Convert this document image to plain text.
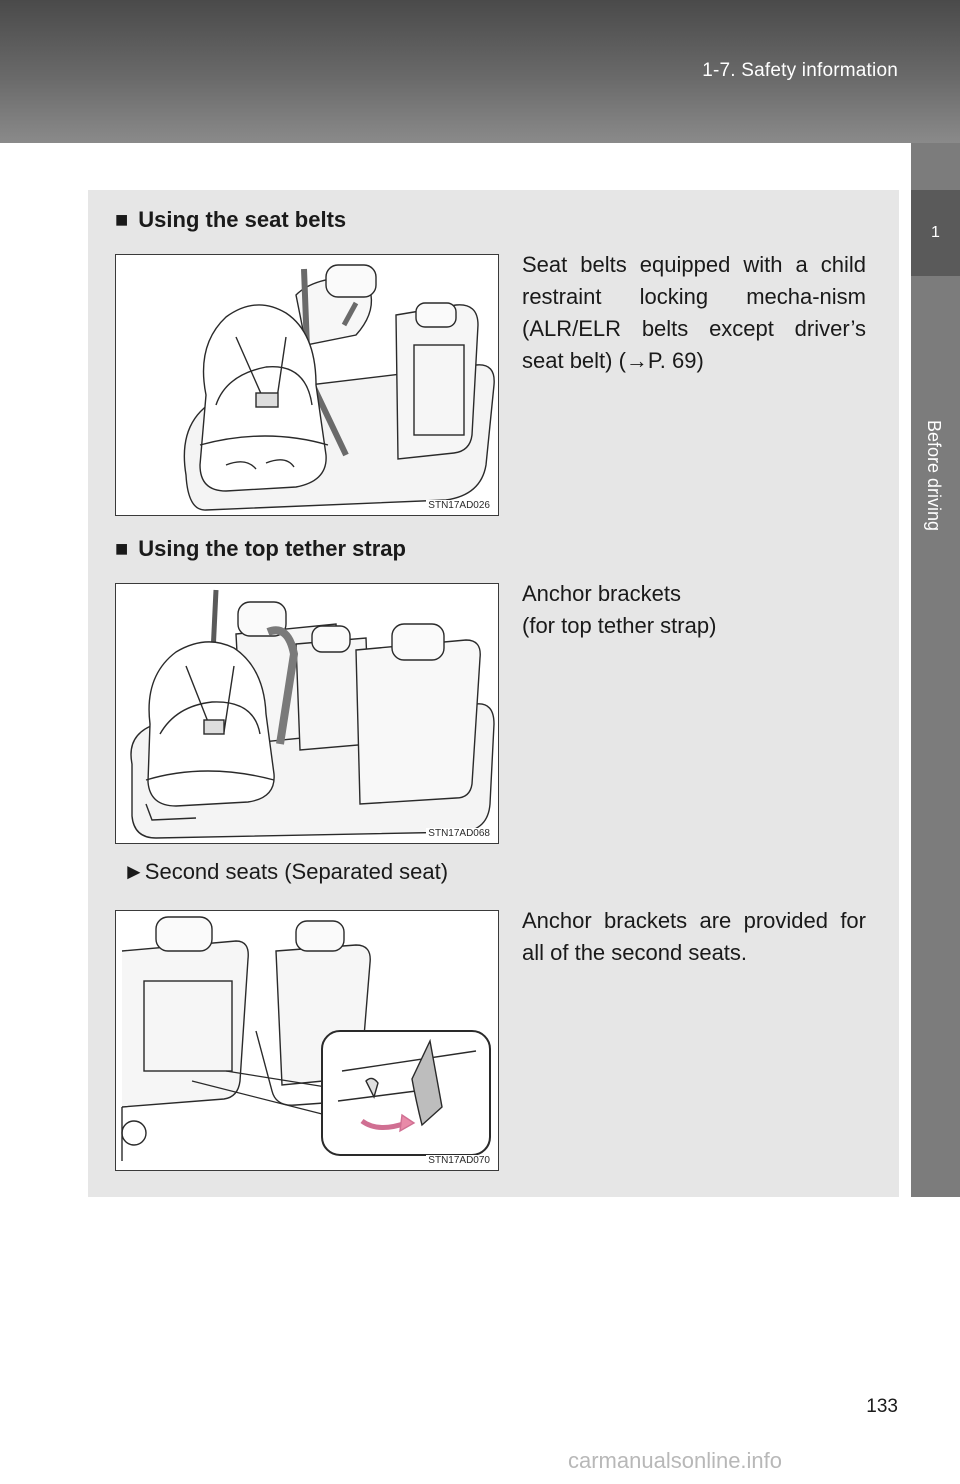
1-7. Safety information
1
Before driving
■ Using the seat belts
STN17AD026
Seat belts equipped with a child restraint locking mecha-nism (ALR/ELR belts except driver’s seat belt) (→P. 69)
■ Using the top tether strap
STN17AD068
Anchor brackets
(for top tether strap)
►Second seats (Separated seat)
STN17AD070
Anchor brackets are provided for all of the second seats.
133
carmanualsonline.info
